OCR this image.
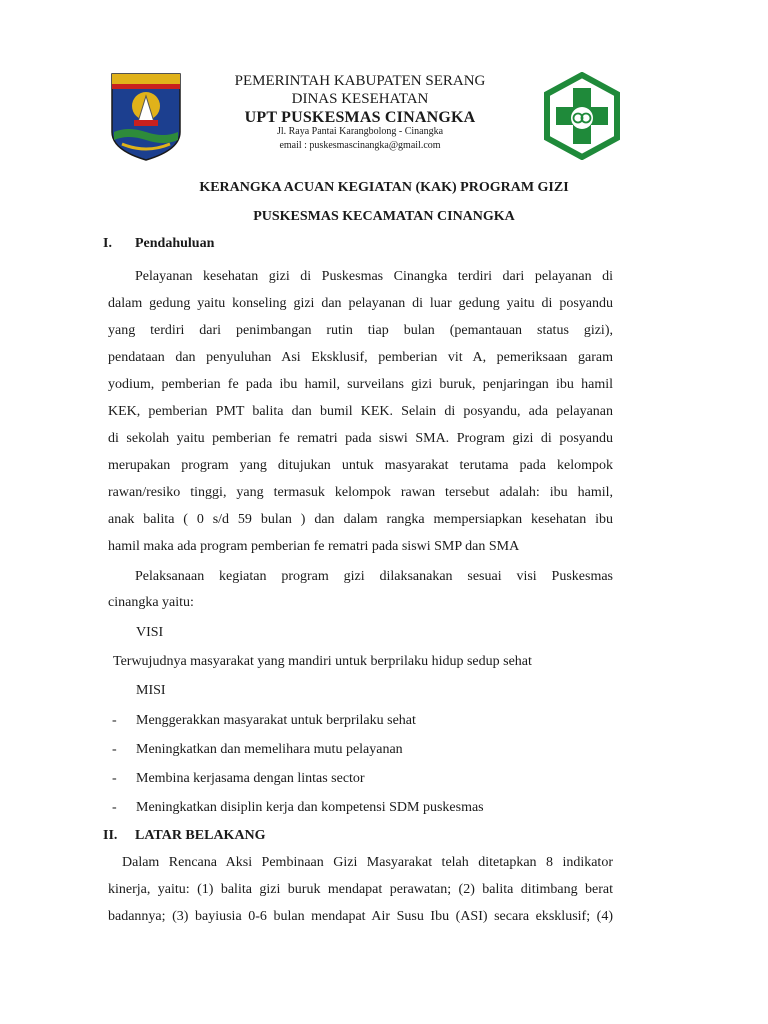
PEMERINTAH KABUPATEN SERANG
DINAS KESEHATAN
UPT PUSKESMAS CINANGKA
Jl. Raya Pantai Karangbolong - Cinangka
email : puskesmascinangka@gmail.com
KERANGKA ACUAN KEGIATAN (KAK) PROGRAM GIZI
PUSKESMAS KECAMATAN CINANGKA
I. Pendahuluan
Pelayanan kesehatan gizi di Puskesmas Cinangka terdiri dari pelayanan di
dalam gedung yaitu konseling gizi dan pelayanan di luar gedung yaitu di posyandu
yang terdiri dari penimbangan rutin tiap bulan (pemantauan status gizi),
pendataan dan penyuluhan Asi Eksklusif, pemberian vit A, pemeriksaan garam
yodium, pemberian fe pada ibu hamil, surveilans gizi buruk, penjaringan ibu hamil
KEK, pemberian PMT balita dan bumil KEK. Selain di posyandu, ada pelayanan
di sekolah yaitu pemberian fe rematri pada siswi SMA. Program gizi di posyandu
merupakan program yang ditujukan untuk masyarakat terutama pada kelompok
rawan/resiko tinggi, yang termasuk kelompok rawan tersebut adalah: ibu hamil,
anak balita ( 0 s/d 59 bulan ) dan dalam rangka mempersiapkan kesehatan ibu
hamil maka ada program pemberian fe rematri pada siswi SMP dan SMA
Pelaksanaan kegiatan program gizi dilaksanakan sesuai visi Puskesmas
cinangka yaitu:
VISI
Terwujudnya masyarakat yang mandiri untuk berprilaku hidup sedup sehat
MISI
- Menggerakkan masyarakat untuk berprilaku sehat
- Meningkatkan dan memelihara mutu pelayanan
- Membina kerjasama dengan lintas sector
- Meningkatkan disiplin kerja dan kompetensi SDM puskesmas
II. LATAR BELAKANG
Dalam Rencana Aksi Pembinaan Gizi Masyarakat telah ditetapkan 8 indikator
kinerja, yaitu: (1) balita gizi buruk mendapat perawatan; (2) balita ditimbang berat
badannya; (3) bayiusia 0-6 bulan mendapat Air Susu Ibu (ASI) secara eksklusif; (4)
